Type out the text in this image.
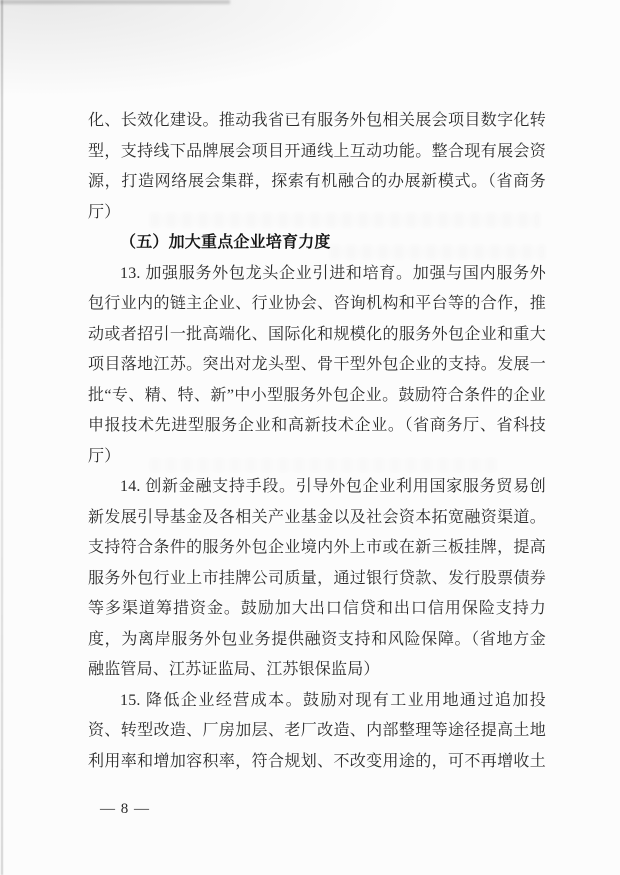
化、长效化建设。推动我省已有服务外包相关展会项目数字化转
型，支持线下品牌展会项目开通线上互动功能。整合现有展会资
源，打造网络展会集群，探索有机融合的办展新模式。（省商务
厅）
（五）加大重点企业培育力度
13. 加强服务外包龙头企业引进和培育。加强与国内服务外
包行业内的链主企业、行业协会、咨询机构和平台等的合作，推
动或者招引一批高端化、国际化和规模化的服务外包企业和重大
项目落地江苏。突出对龙头型、骨干型外包企业的支持。发展一
批“专、精、特、新”中小型服务外包企业。鼓励符合条件的企业
申报技术先进型服务企业和高新技术企业。（省商务厅、省科技
厅）
14. 创新金融支持手段。引导外包企业利用国家服务贸易创
新发展引导基金及各相关产业基金以及社会资本拓宽融资渠道。
支持符合条件的服务外包企业境内外上市或在新三板挂牌，提高
服务外包行业上市挂牌公司质量，通过银行贷款、发行股票债券
等多渠道筹措资金。鼓励加大出口信贷和出口信用保险支持力
度，为离岸服务外包业务提供融资支持和风险保障。（省地方金
融监管局、江苏证监局、江苏银保监局）
15. 降低企业经营成本。鼓励对现有工业用地通过追加投
资、转型改造、厂房加层、老厂改造、内部整理等途径提高土地
利用率和增加容积率，符合规划、不改变用途的，可不再增收土
— 8 —
